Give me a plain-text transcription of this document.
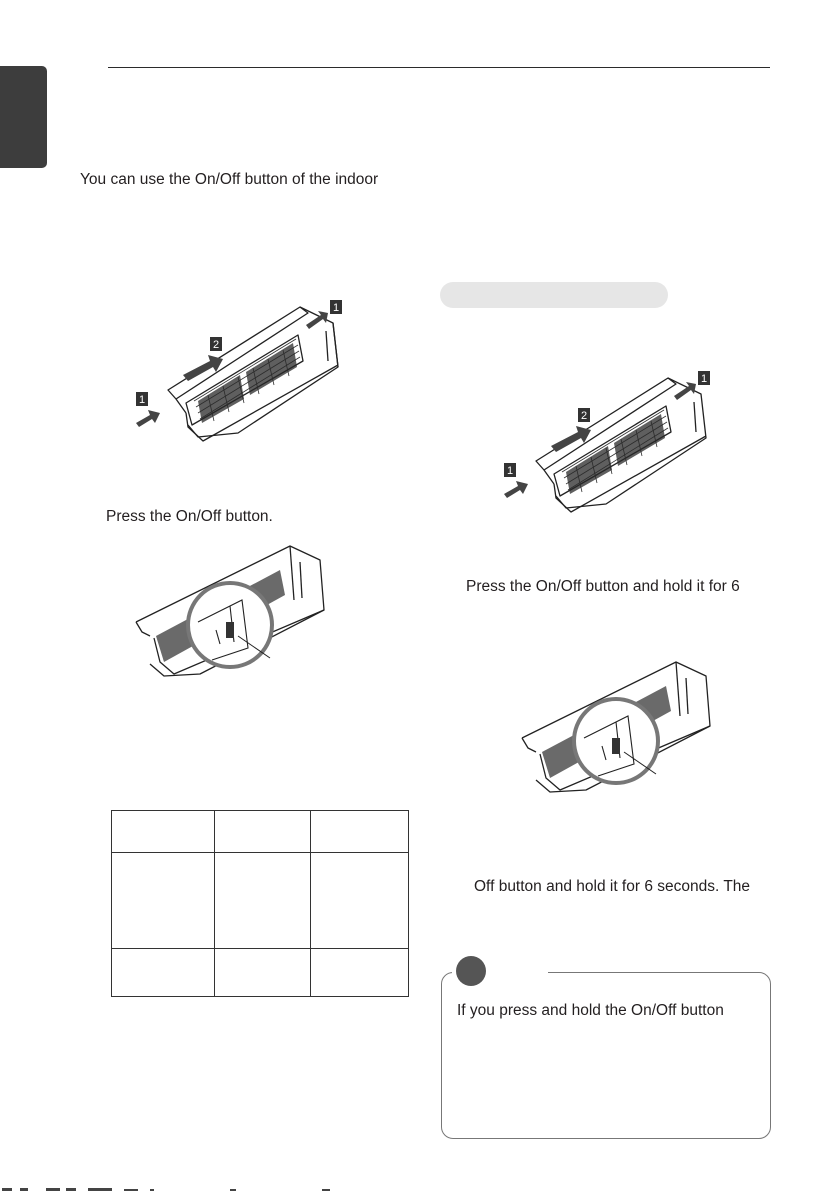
You can use the On/Off button of the indoor
1
2
1
Press the On/Off button.

1
2
1
Press the On/Off button and hold it for 6
Off button and hold it for 6 seconds. The
If you press and hold the On/Off button
